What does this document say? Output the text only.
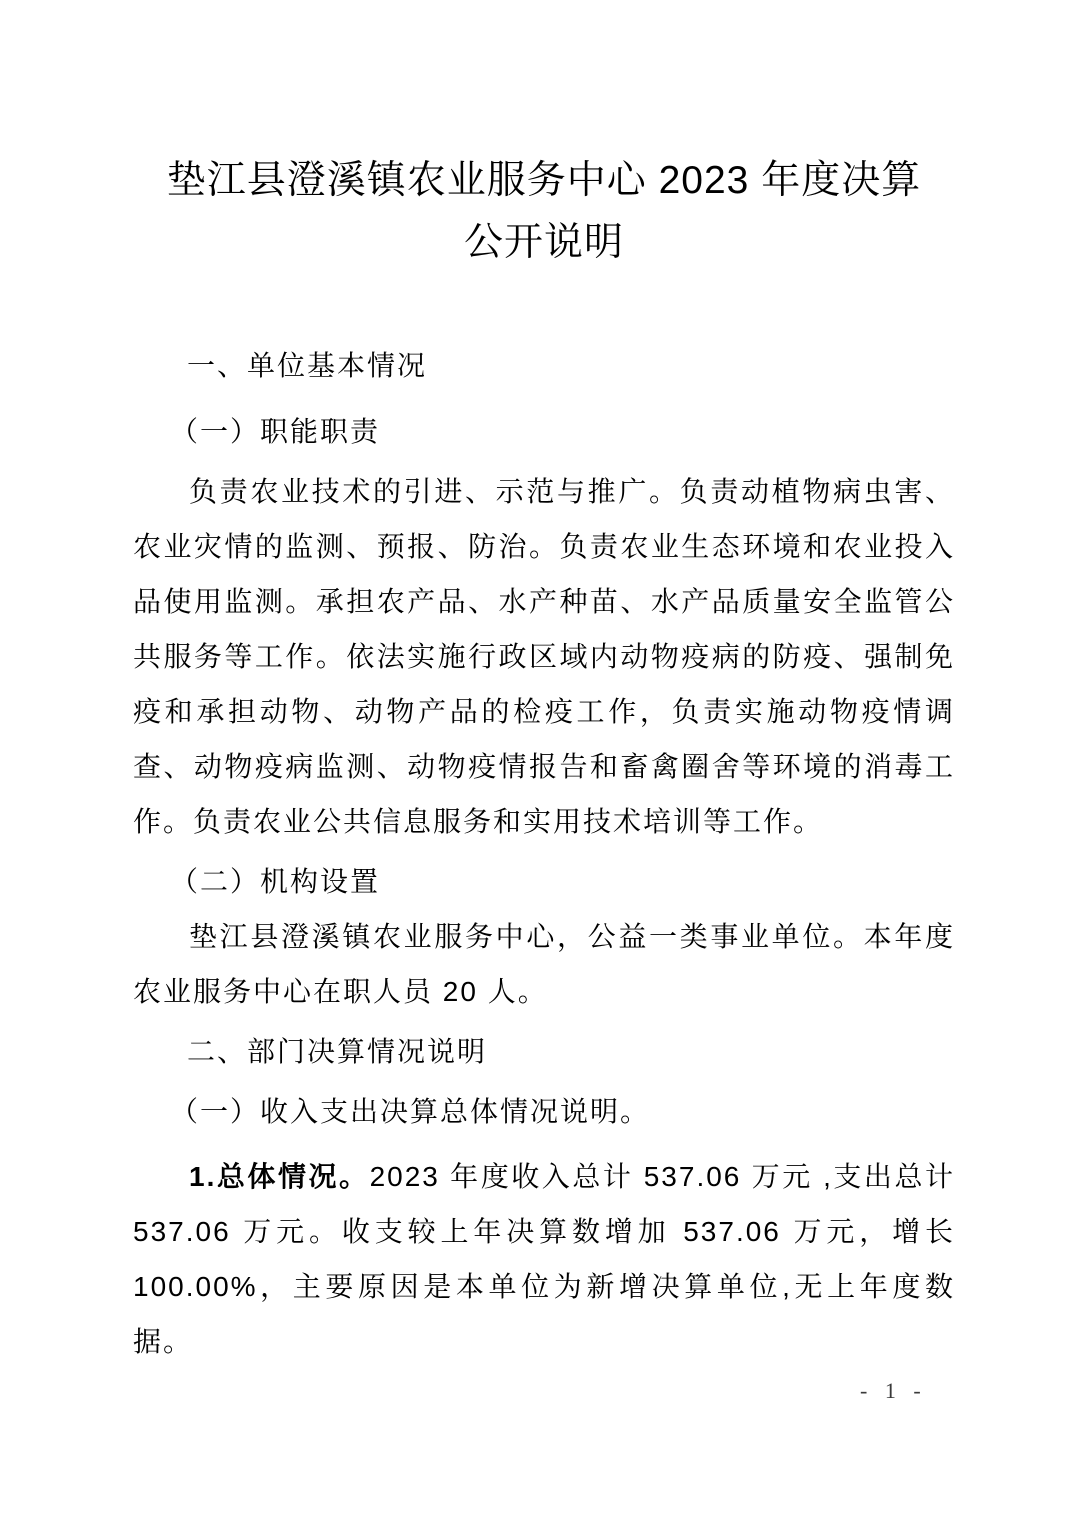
垫江县澄溪镇农业服务中心 2023 年度决算
公开说明
一、单位基本情况
（一）职能职责

负责农业技术的引进、示范与推广。负责动植物病虫害、农业灾情的监测、预报、防治。负责农业生态环境和农业投入品使用监测。承担农产品、水产种苗、水产品质量安全监管公共服务等工作。依法实施行政区域内动物疫病的防疫、强制免疫和承担动物、动物产品的检疫工作，负责实施动物疫情调查、动物疫病监测、动物疫情报告和畜禽圈舍等环境的消毒工作。负责农业公共信息服务和实用技术培训等工作。

（二）机构设置

垫江县澄溪镇农业服务中心，公益一类事业单位。本年度农业服务中心在职人员 20 人。

二、部门决算情况说明
（一）收入支出决算总体情况说明。

1.总体情况。2023 年度收入总计 537.06 万元 ,支出总计 537.06 万元。收支较上年决算数增加 537.06 万元，增长 100.00%，主要原因是本单位为新增决算单位,无上年度数据。

- 1 -
